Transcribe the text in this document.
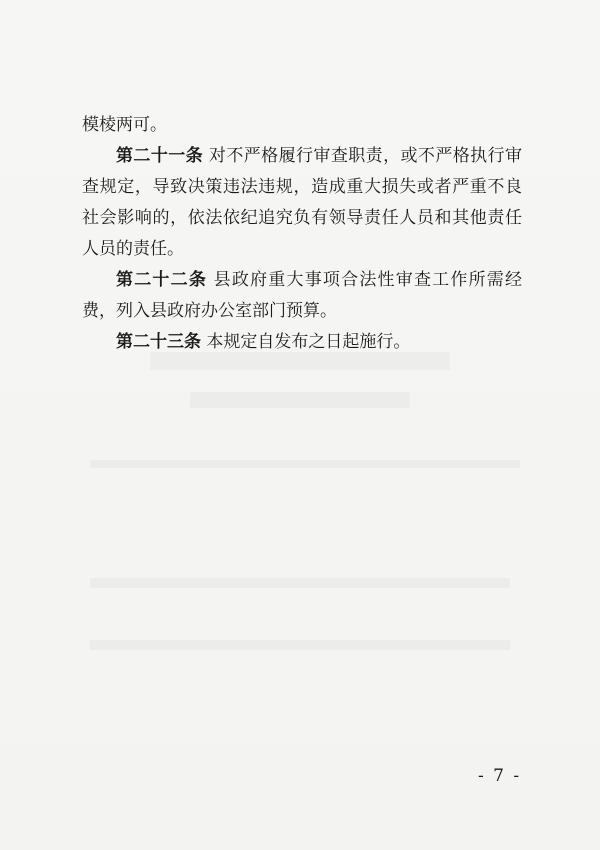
模棱两可。

第二十一条 对不严格履行审查职责，或不严格执行审查规定，导致决策违法违规，造成重大损失或者严重不良社会影响的，依法依纪追究负有领导责任人员和其他责任人员的责任。

第二十二条 县政府重大事项合法性审查工作所需经费，列入县政府办公室部门预算。

第二十三条 本规定自发布之日起施行。

- 7 -
